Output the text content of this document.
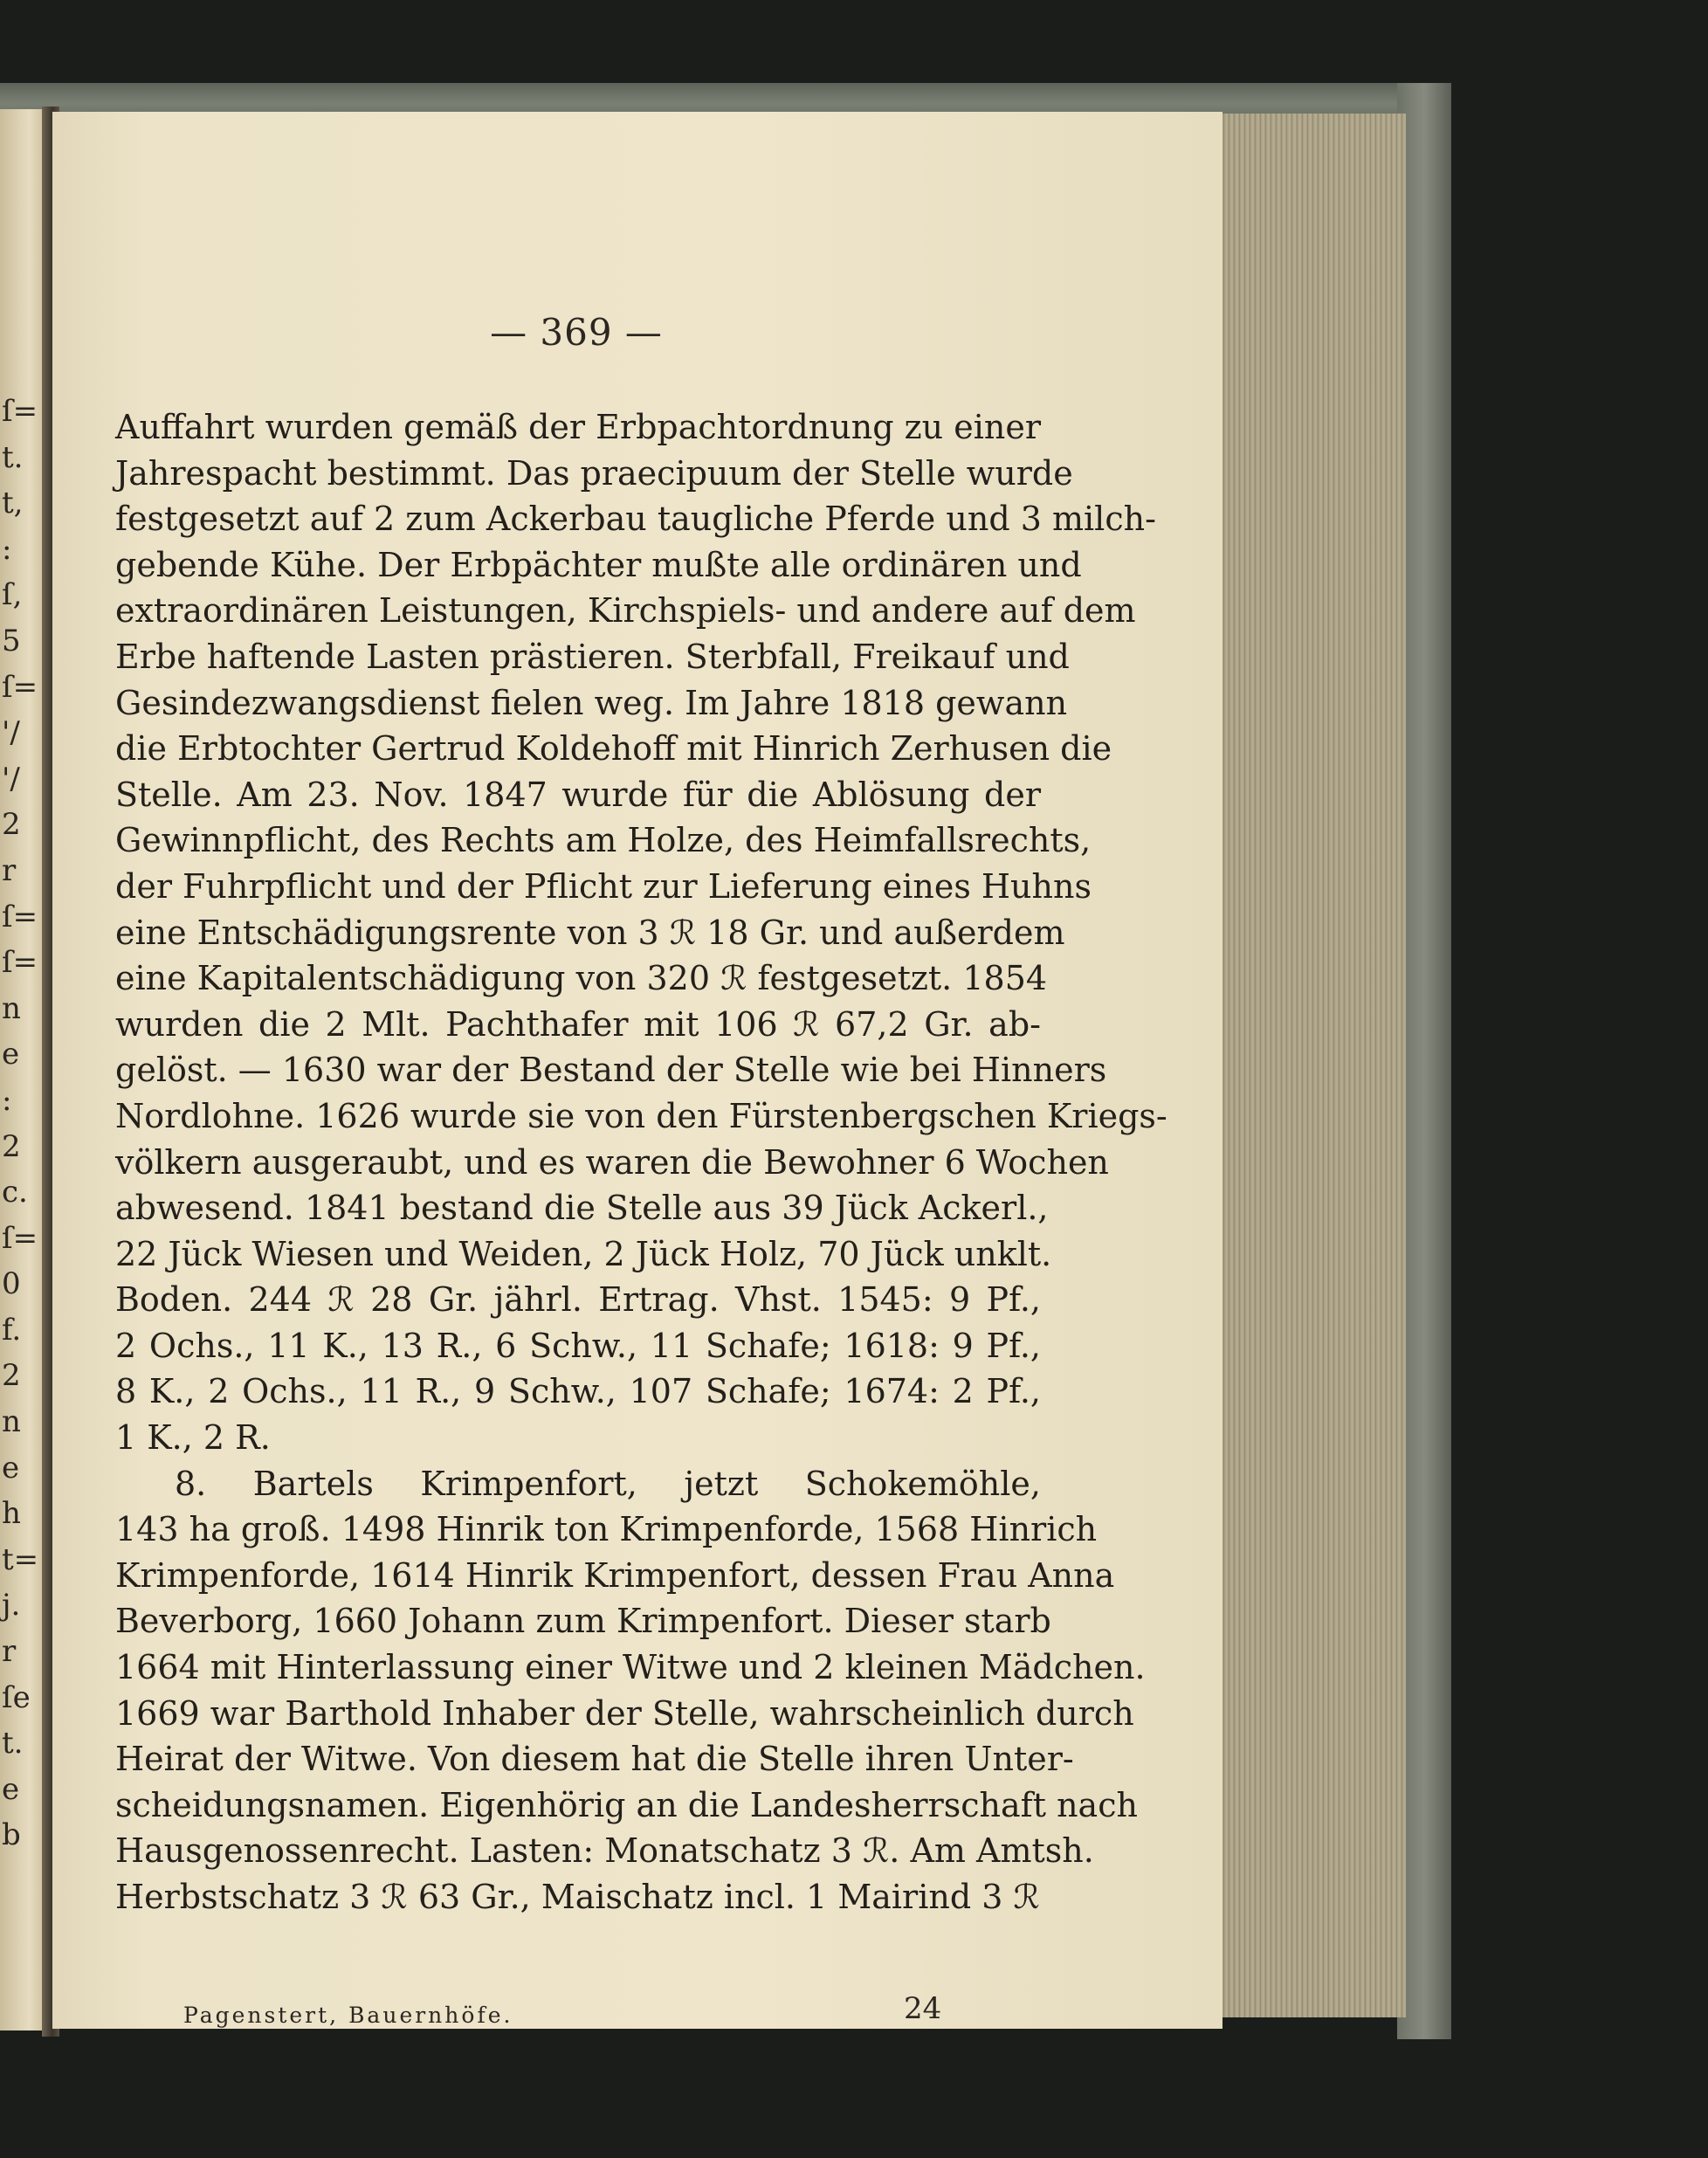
ſ=
t.
t,
:
ſ,
5
ſ=
'/
'/
2
r
ſ=
ſ=
n
e
:
2
c.
ſ=
0
f.
2
n
e
h
t=
j.
r
ſe
t.
e
b
— 369 —
Auffahrt wurden gemäß der Erbpachtordnung zu einer
Jahrespacht bestimmt. Das praecipuum der Stelle wurde
festgesetzt auf 2 zum Ackerbau taugliche Pferde und 3 milch-
gebende Kühe. Der Erbpächter mußte alle ordinären und
extraordinären Leistungen, Kirchspiels- und andere auf dem
Erbe haftende Lasten prästieren. Sterbfall, Freikauf und
Gesindezwangsdienst fielen weg. Im Jahre 1818 gewann
die Erbtochter Gertrud Koldehoff mit Hinrich Zerhusen die
Stelle. Am 23. Nov. 1847 wurde für die Ablösung der
Gewinnpflicht, des Rechts am Holze, des Heimfallsrechts,
der Fuhrpflicht und der Pflicht zur Lieferung eines Huhns
eine Entschädigungsrente von 3 ℛ 18 Gr. und außerdem
eine Kapitalentschädigung von 320 ℛ festgesetzt. 1854
wurden die 2 Mlt. Pachthafer mit 106 ℛ 67,2 Gr. ab-
gelöst. — 1630 war der Bestand der Stelle wie bei Hinners
Nordlohne. 1626 wurde sie von den Fürstenbergschen Kriegs-
völkern ausgeraubt, und es waren die Bewohner 6 Wochen
abwesend. 1841 bestand die Stelle aus 39 Jück Ackerl.,
22 Jück Wiesen und Weiden, 2 Jück Holz, 70 Jück unklt.
Boden. 244 ℛ 28 Gr. jährl. Ertrag. Vhst. 1545: 9 Pf.,
2 Ochs., 11 K., 13 R., 6 Schw., 11 Schafe; 1618: 9 Pf.,
8 K., 2 Ochs., 11 R., 9 Schw., 107 Schafe; 1674: 2 Pf.,
1 K., 2 R.
8. Bartels Krimpenfort, jetzt Schokemöhle,
143 ha groß. 1498 Hinrik ton Krimpenforde, 1568 Hinrich
Krimpenforde, 1614 Hinrik Krimpenfort, dessen Frau Anna
Beverborg, 1660 Johann zum Krimpenfort. Dieser starb
1664 mit Hinterlassung einer Witwe und 2 kleinen Mädchen.
1669 war Barthold Inhaber der Stelle, wahrscheinlich durch
Heirat der Witwe. Von diesem hat die Stelle ihren Unter-
scheidungsnamen. Eigenhörig an die Landesherrschaft nach
Hausgenossenrecht. Lasten: Monatschatz 3 ℛ. Am Amtsh.
Herbstschatz 3 ℛ 63 Gr., Maischatz incl. 1 Mairind 3 ℛ
Pagenstert, Bauernhöfe.	24
